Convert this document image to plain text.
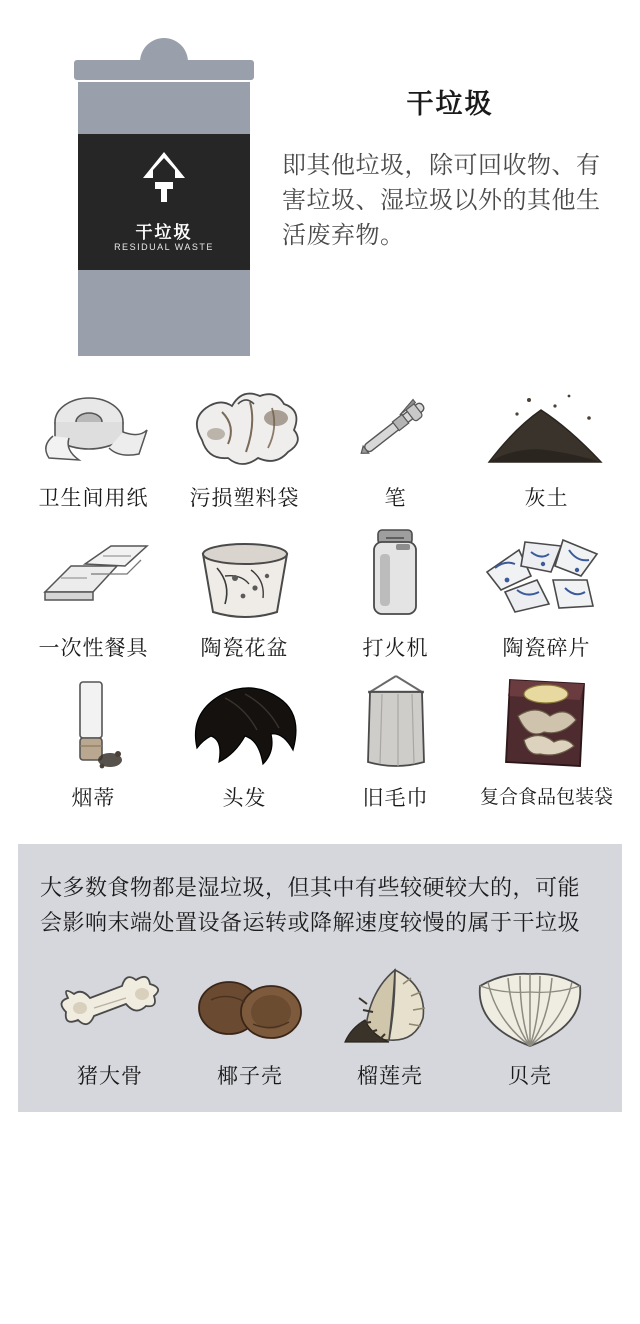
干垃圾
RESIDUAL WASTE
干垃圾
即其他垃圾，除可回收物、有害垃圾、湿垃圾以外的其他生活废弃物。
卫生间用纸	污损塑料袋	笔	灰土
一次性餐具	陶瓷花盆	打火机	陶瓷碎片
烟蒂	头发	旧毛巾	复合食品包装袋
大多数食物都是湿垃圾，但其中有些较硬较大的，可能会影响末端处置设备运转或降解速度较慢的属于干垃圾
猪大骨	椰子壳	榴莲壳	贝壳
